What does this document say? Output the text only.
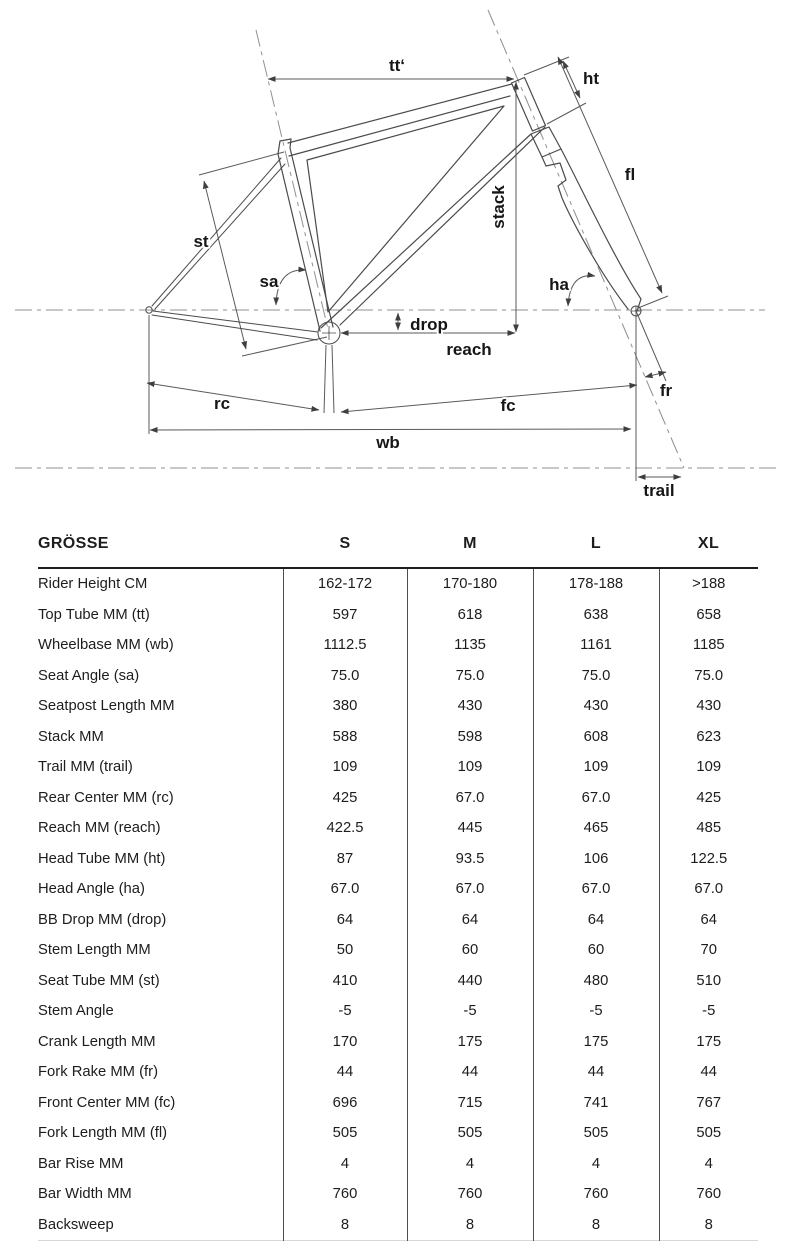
tt‘
ht
fl
stack
st
sa	ha
drop
reach
fr
rc	fc
wb
trail
GRÖSSE	S	M	L	XL
Rider Height CM	162-172	170-180	178-188	>188
Top Tube MM (tt)	597	618	638	658
Wheelbase MM (wb)	1112.5	1135	1161	1185
Seat Angle (sa)	75.0	75.0	75.0	75.0
Seatpost Length MM	380	430	430	430
Stack MM	588	598	608	623
Trail MM (trail)	109	109	109	109
Rear Center MM (rc)	425	67.0	67.0	425
Reach MM (reach)	422.5	445	465	485
Head Tube MM (ht)	87	93.5	106	122.5
Head Angle (ha)	67.0	67.0	67.0	67.0
BB Drop MM (drop)	64	64	64	64
Stem Length MM	50	60	60	70
Seat Tube MM (st)	410	440	480	510
Stem Angle	-5	-5	-5	-5
Crank Length MM	170	175	175	175
Fork Rake MM (fr)	44	44	44	44
Front Center MM (fc)	696	715	741	767
Fork Length MM (fl)	505	505	505	505
Bar Rise MM	4	4	4	4
Bar Width MM	760	760	760	760
Backsweep	8	8	8	8
